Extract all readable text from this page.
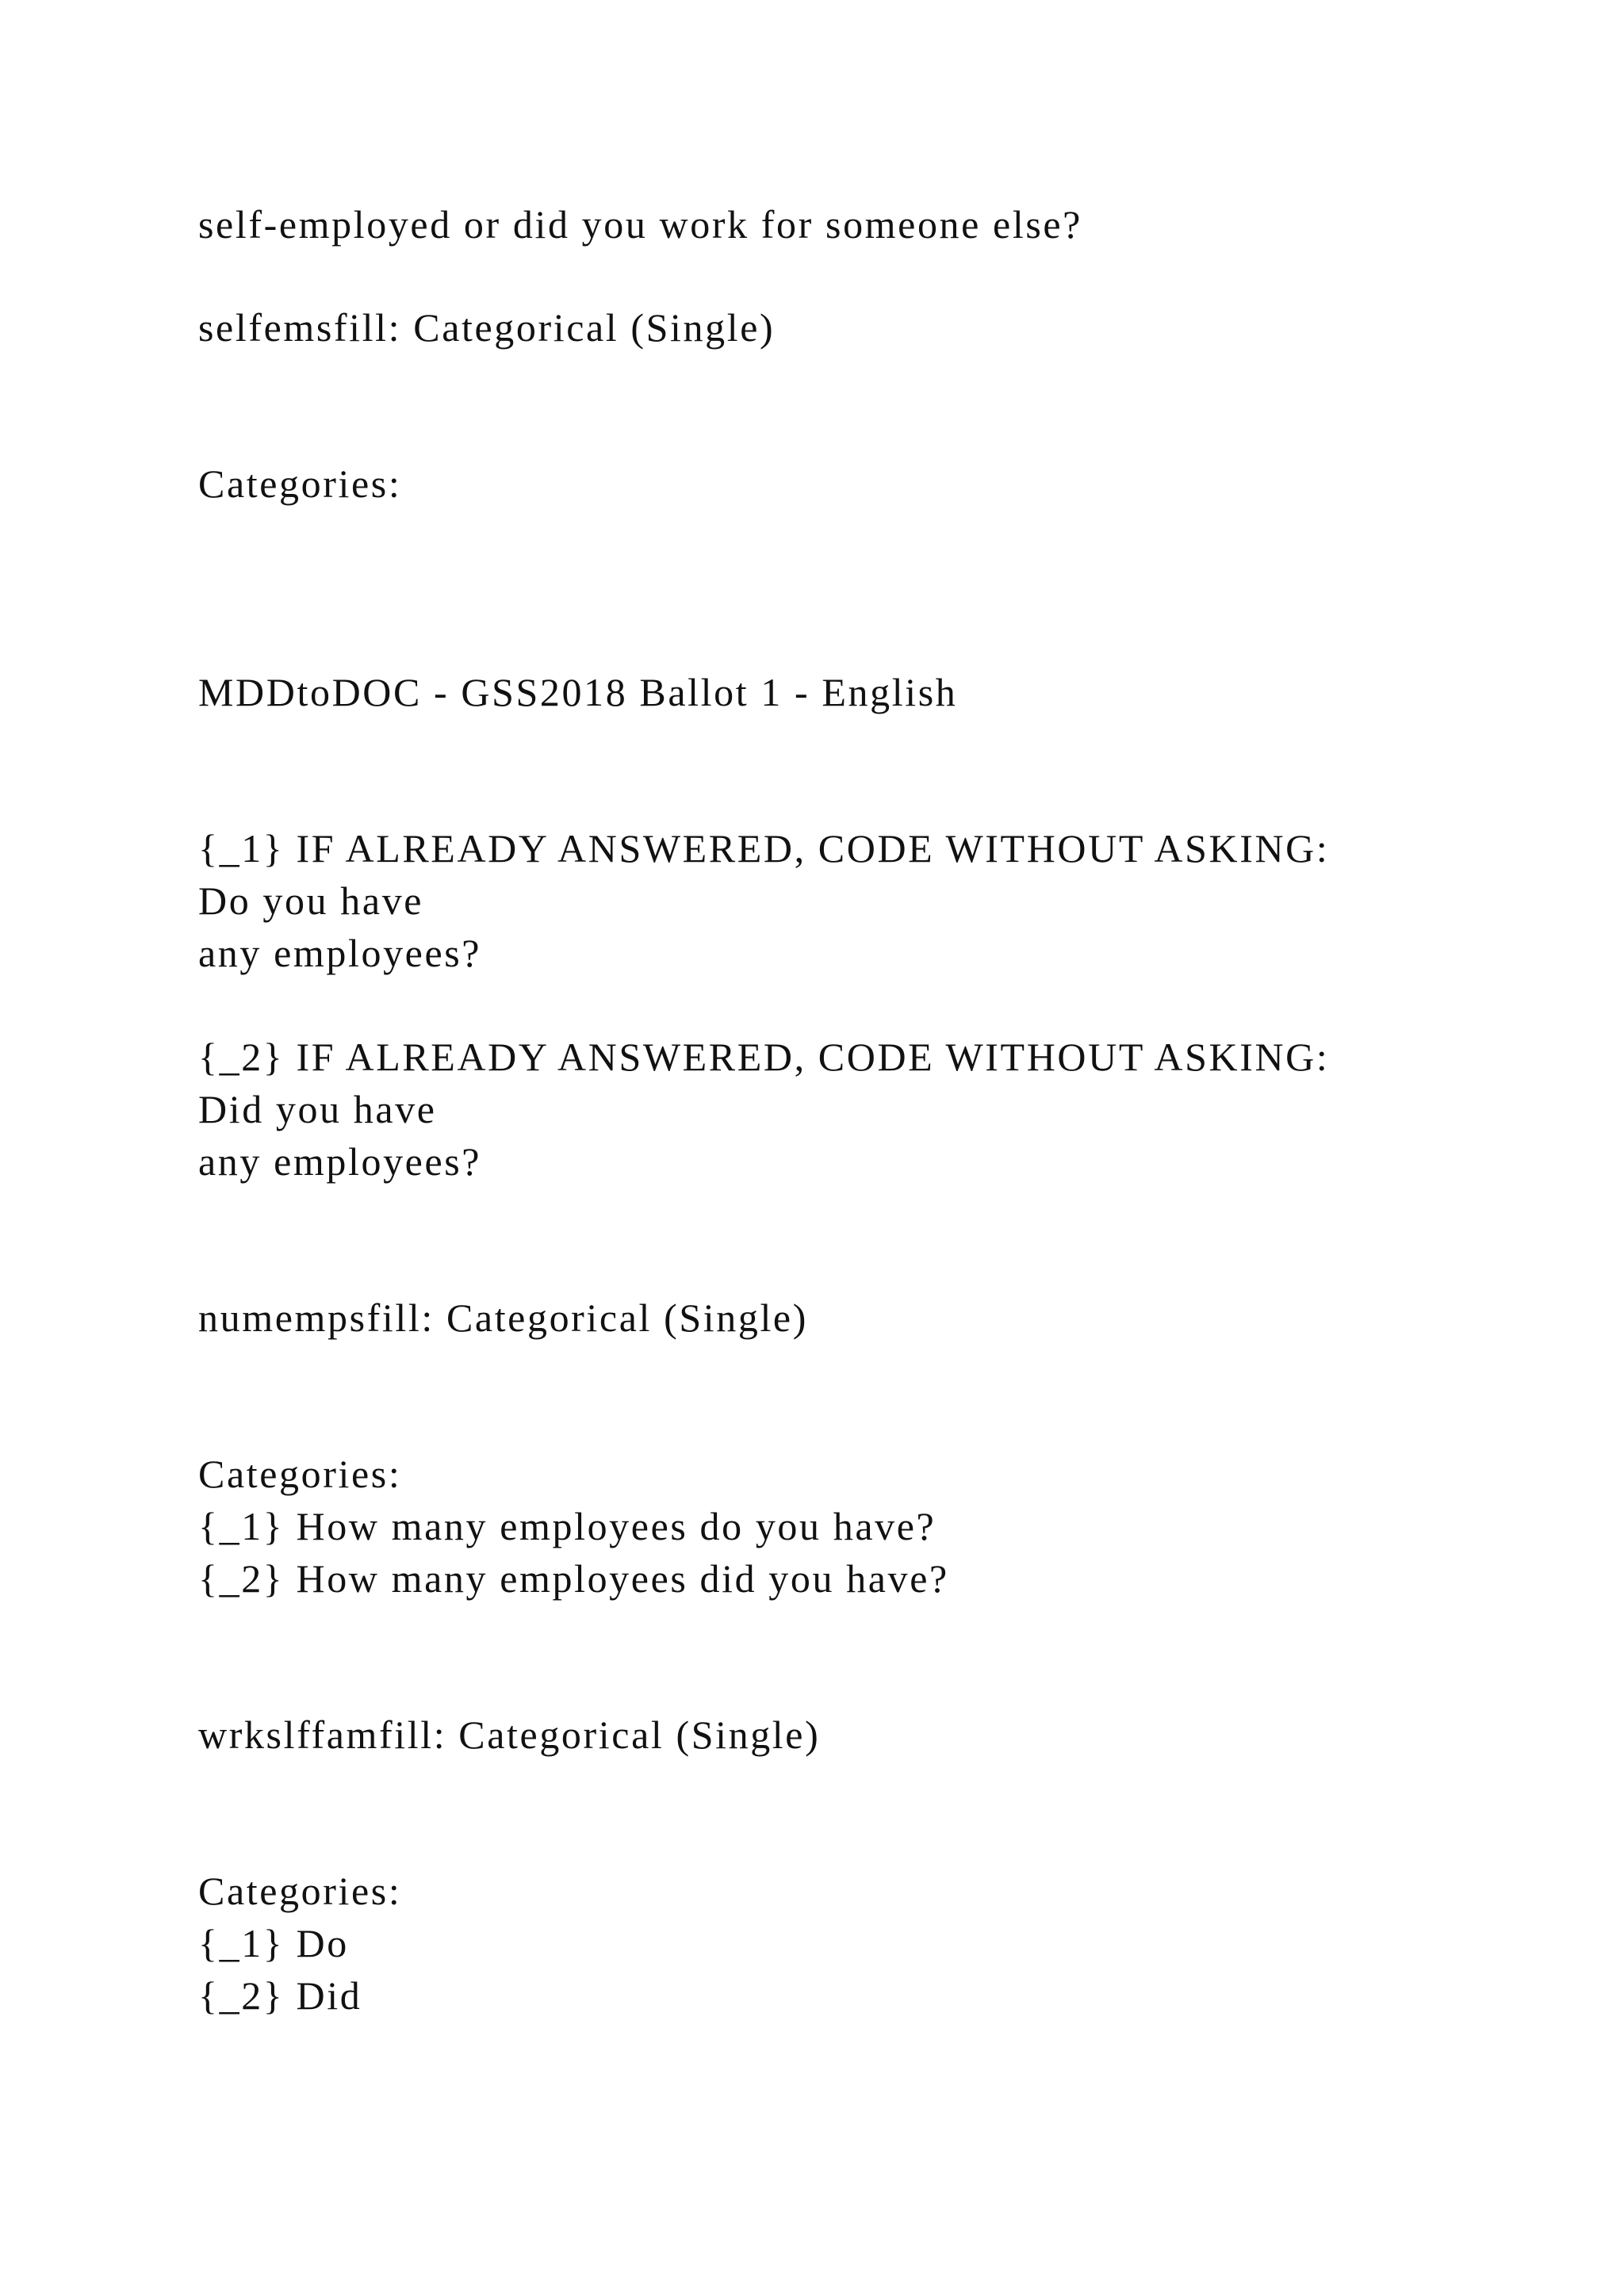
self-employed or did you work for someone else?

selfemsfill: Categorical (Single)

Categories:

MDDtoDOC - GSS2018 Ballot 1 - English

{_1} IF ALREADY ANSWERED, CODE WITHOUT ASKING:

Do you have

any employees?

{_2} IF ALREADY ANSWERED, CODE WITHOUT ASKING:

Did you have

any employees?

numempsfill: Categorical (Single)

Categories:

{_1} How many employees do you have?

{_2} How many employees did you have?

wrkslffamfill: Categorical (Single)

Categories:

{_1} Do

{_2} Did
